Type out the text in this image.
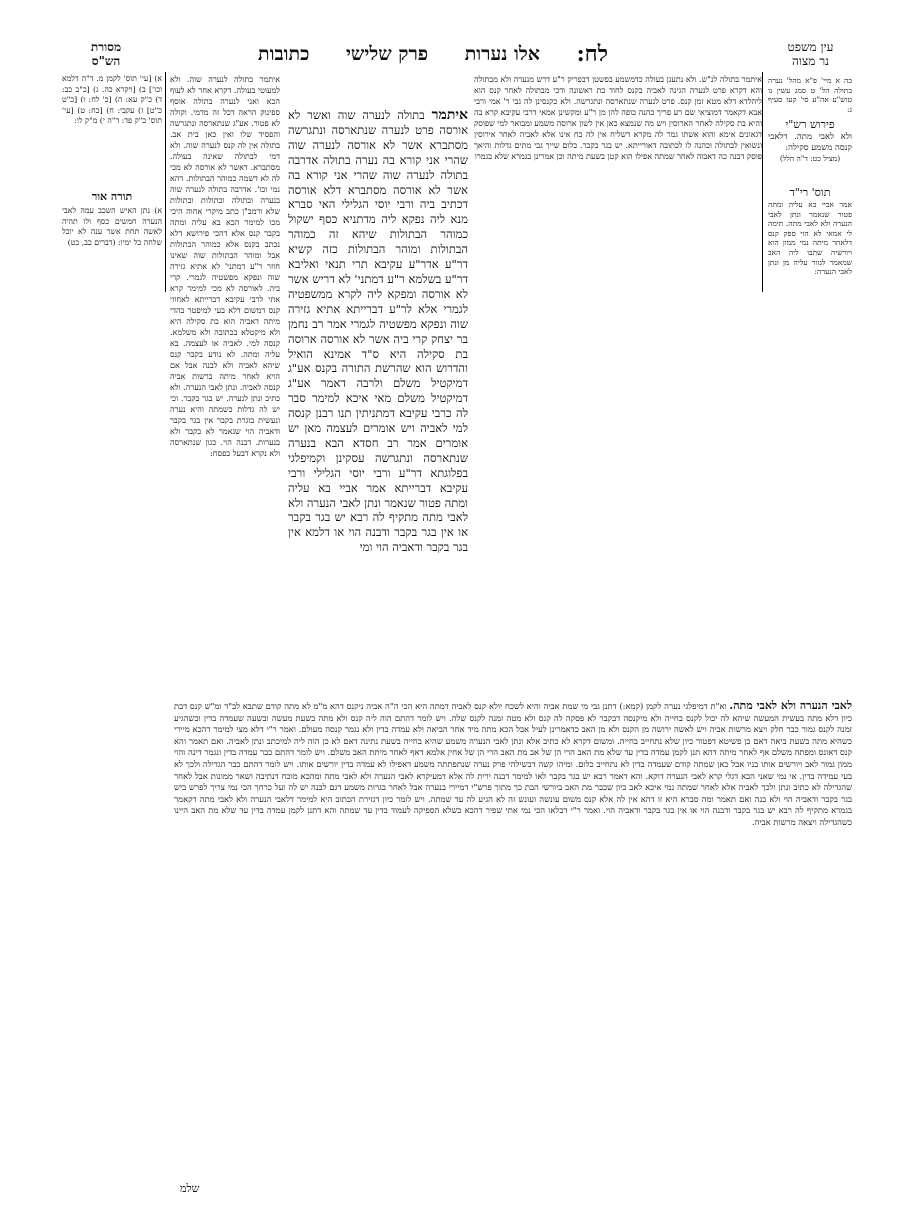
לח:
אלו נערות
פרק שלישי
כתובות
מסורת
הש"ס
עין משפט
נר מצוה
כה א מיי' פ"א מהל' נערה בתולה הל' ט סמג עשין נו טוש"ע אה"ע סי' קעז סעיף ג:
פירוש רש"י
ולא לאבי מתה. דלאבי קנסה משמע סקילה:
(מציל כט: ד"ה הלל)
תוס' רי"ד
אמר אביי בא עליה ומתה פטור שנאמר ונתן לאבי הנערה ולא לאבי מתה. תימה לי אמאי לא הוי ספק קנס דלאחר מיתה נמי ממון הוא ויורשיה שתבו ליה האב שמאמר לגזור עליה מן ונתן לאבי הנערה:
א) [עי' תוס' לקמן מ. ד"ה דלמא וכו'] ב) [ויקרא כה. ג) [כ"ב כב: ד) כ"ק עא: ה) [כ' לח: ו) [כ"ט כ"ט] ז) עקבי: ח) [כח: ט) [עי' תוס' כ"ק פד: ד"ה י) מ"ק לו:
תורה אור
א) נתן האיש השכב עמה לאבי הנערה חמשים כסף ולו תהיה לאשה תחת אשר ענה לא יוכל שלחה כל ימיו: (דברים כב, כט)
איתמר בתולה לנערה שוה. ולא למעוטי בעולה. דקרא אחר לא לעוף הכא ואני לנערה בתולה אוסף ספינוק הראה דכל זה מדמי. וקולה לא פטור. אע"ג שנתארסה ונתגרשה והפסיד שלו ואין כאן בית אב. בתולה אין לה קנס לנערה שוה. ולא דמי לבתולה שאינה בעולה. מסתברא. דאשר לא אורסה לא מכי לה לא דשמה כמוהר הבתולות. דהא נמי וכו'. אדרבה בתולה לנערה שוה בנערה ובתולה ובתולות ובתולות שלא ורמב"ן כתב מיקרי אחוה היכי מכו למימר הכא בא עליה ומתה בקבר קנס אלא דהכי פירושא דלא נכתב בקנס אלא כמוהר הבתולות אבל ומוהר הבתולות שוה שאינו חוזר ר"ע דמתני' לא אתיא גזירה שוה ונפקא מפשטיה לגמרי. קרי ביה. לאורסה לא מכי למימר קרא אתי לרבי עקיבא דברייתא לאחוזי קנס דמשום דלא בעי למיפטר בהדי מיתה דאביה הוא בת סקילה היא ולא מיקטלא בכתובה ולא משלמא. קנסה למי. לאביה או לעצמה. בא עליה ומתה. לא נודע בקבר קנס שיהא לאביה ולא לבנה אבל אם הויא לאחר מיתה ברשות אביה קנסה לאביה. ונתן לאבי הנערה. ולא כתיב ונתן לנערה. יש בגר בקבר. וכי יש לה גדלות כשמתה והיא נערה ונעשית בוגרת בקבר אין בגר בקבר ודאביה הוי שנאמר לא בקבר ולא בנערות. דבנה הוי. כגון שנתארסה ולא נקרא דבעל כפסח:
איתמר בתולה לנערה שוה ואשר לא אורסה פרט לנערה שנתארסה ונתגרשה מסתברא אשר לא אורסה לנערה שוה שהרי אני קורא בה נערה בתולה אדרבה בתולה לנערה שוה שהרי אני קורא בה אשר לא אורסה מסתברא דלא אורסה דכתיב ביה ורבי יוסי הגלילי האי סברא מנא ליה נפקא ליה מדתניא כסף ישקול כמוהר הבתולות שיהא זה כמוהר הבתולות ומוהר הבתולות כזה קשיא דר"ע אדר"ע עקיבא תרי תנאי ואליבא דר"ע בשלמא ר"ע דמתני' לא דריש אשר לא אורסה ומפקא ליה לקרא ממשפטיה לגמרי אלא לר"ע דברייתא אתיא גזירה שוה ונפקא מפשטיה לגמרי אמר רב נחמן בר יצחק קרי ביה אשר לא אורסה ארוסה בת סקילה היא ס"ד אמינא הואיל והדרוש הוא שהרשת התורה בקנס אע"ג דמיקטיל משלם ולרבה דאמר אע"ג דמיקטיל משלם מאי איכא למימר סבר לה כרבי עקיבא דמתניתין תנו רבנן קנסה למי לאביה ויש אומרים לעצמה מאן יש אומרים אמר רב חסדא הבא בנערה שנתארסה ונתגרשה עסקינן וקמיפלגי בפלוגתא דר"ע ורבי יוסי הגלילי ורבי עקיבא דברייתא אמר אביי בא עליה ומתה פטור שנאמר ונתן לאבי הנערה ולא לאבי מתה מתקיף לה רבא יש בגר בקבר או אין בגר בקבר ודבנה הוי או דלמא אין בגר בקבר ודאביה הוי ומי
איתמר בתולה לנ"ש. ולא נתעגן בעולה כדמשמע בפשטן דבפריק ר"ע דרש מנערה ולא מבתולה והא דקרא פרט לנערה הגינה לאביה בקנס לחוד בת ראשונה ודכי מבתולה לאחר קנס הוא ליהלדא דלא מטא זמן קנס. פרט לנערה שנתארסה ונתגרשה. ולא כקנסינן לה גבי ר' אמי ורבי אבא דקאמר דמוציאי שם רע פריך כהנה כופה להן מן ר"ע ומקשינן אמאי דרבי עקיבא קרא בה והיא בת סקילה לאחר הארוסין ויש מה שנמצא כאן אין לשון ארוסה משמע ומבואר למי שפוסק דגאונים אימא והוא אשתו גמר לה מקרא דשליח אין לה כח אינו אלא לאביה לאחר אירוסין ונשואין לבתולה וכהנה לו לכתובה דאורייתא. יש בגר בקבר. כלום שייך גבי מתים גדלות והיאך פוסק דבנה כה דאבוה לאחר שמתה אפילו הוא קטן בשעת מיתה וכן אמרינן בגמרא שלא בגמרו
לאבי הנערה ולא לאבי מתה. וא"ת דמיפלגי נערה לקמן (קמא:) דתנן גבי מי שמת אביה והיא לשכח יולא קנס לאביה דמתה היא הכי ה"ה אביה ניקנס דהא מ"מ לא מתה קודם שתבא לב"ד ומ"ש קנס דבת כיון דלא מתה בעשית המעשה שיהא לה יכול לקנס בחייה ולא מיקנסה דבקבר לא פסקה לה קנס ולא מטה זמנה לקנס שלה. ויש לומר דהתם הוה ליה קנס ולא מתה בשעת מעשה ובשעה שעמדה בדין וכשהגיע זמנה לקנס גמור כבר חלק ויצא מרשות אביה ויש לאשה ירושה מן הקנס ולא מן האב כדאמרינן לעיל אבל הכא מתה מיד אחר הביאה ולא עמדה בדין ולא נגמר קנסה מעולם. ואמר ר"י דלא מצי למימר דהכא מיירי כשהיא מתה בשעת ביאה דאם כן פשיטא דפטור כיון שלא נתחייב בחייה. ומשום דקרא לא כתיב אלא ונתן לאבי הנערה משמע שהיא בחייה בשעת נתינה דאם לא כן הוה ליה למיכתב ונתן לאביה. ואם תאמר והא קנס דאונס ומפתה משלם אף לאחר מיתה דהא תנן לקמן עמדה בדין עד שלא מת האב הרי הן של אב מת האב הרי הן של אחין אלמא דאף לאחר מיתת האב משלם. ויש לומר דהתם כבר עמדה בדין ונגמר דינה והוי ממון גמור לאב ויורשים אותו בניו אבל כאן שמתה קודם שעמדה בדין לא נתחייב כלום. ומיהו קשה דבשילהי פרק נערה שנתפתתה משמע דאפילו לא עמדה בדין יורשים אותו. ויש לומר דהתם כבר הגדילה ולכך לא בעי עמידה בדין. אי נמי שאני הכא דגלי קרא לאבי הנערה דוקא. והא דאמר רבא יש בגר בקבר לאו למימר דבנה ירית לה אלא דמעיקרא לאבי הנערה ולא לאבי מתה ומהכא מוכח דנתיבה ושאר ממונות אבל לאחר שהגדילה לא כתיב ונתן ולכך לאביה אלא לאחר שמתה נמי איכא לאב כיון שכבר מת האב ביורשי הבת כך מתוך פרש"י דמיירי בנערה אבל לאחר בגרות משמע דגם לבנה יש לה ועל כרחך הכי נמי צריך לפרש ביש בגר בקבר ודאביה הוי ולא בנה ואם תאמר ומה סברא היא זו דהא אין לה אלא קנס משום עונשה ועונש זה לא הגיע לה עד שמתה. ויש לומר כיון דגזירת הכתוב היא למימר דלאבי הנערה ולא לאבי מתה דקאמר בגמרא מתקיף לה רבא יש בגר בקבר ודבנה הוי או אין בגר בקבר ודאביה הוי. ואמר ר"י דבלאו הכי נמי אתי שפיר דהכא כשלא הספיקה לעמוד בדין עד שמתה והא דתנן לקמן עמדה בדין עד שלא מת האב היינו כשהגדילה ויצאה מרשות אביה.
שלמ
